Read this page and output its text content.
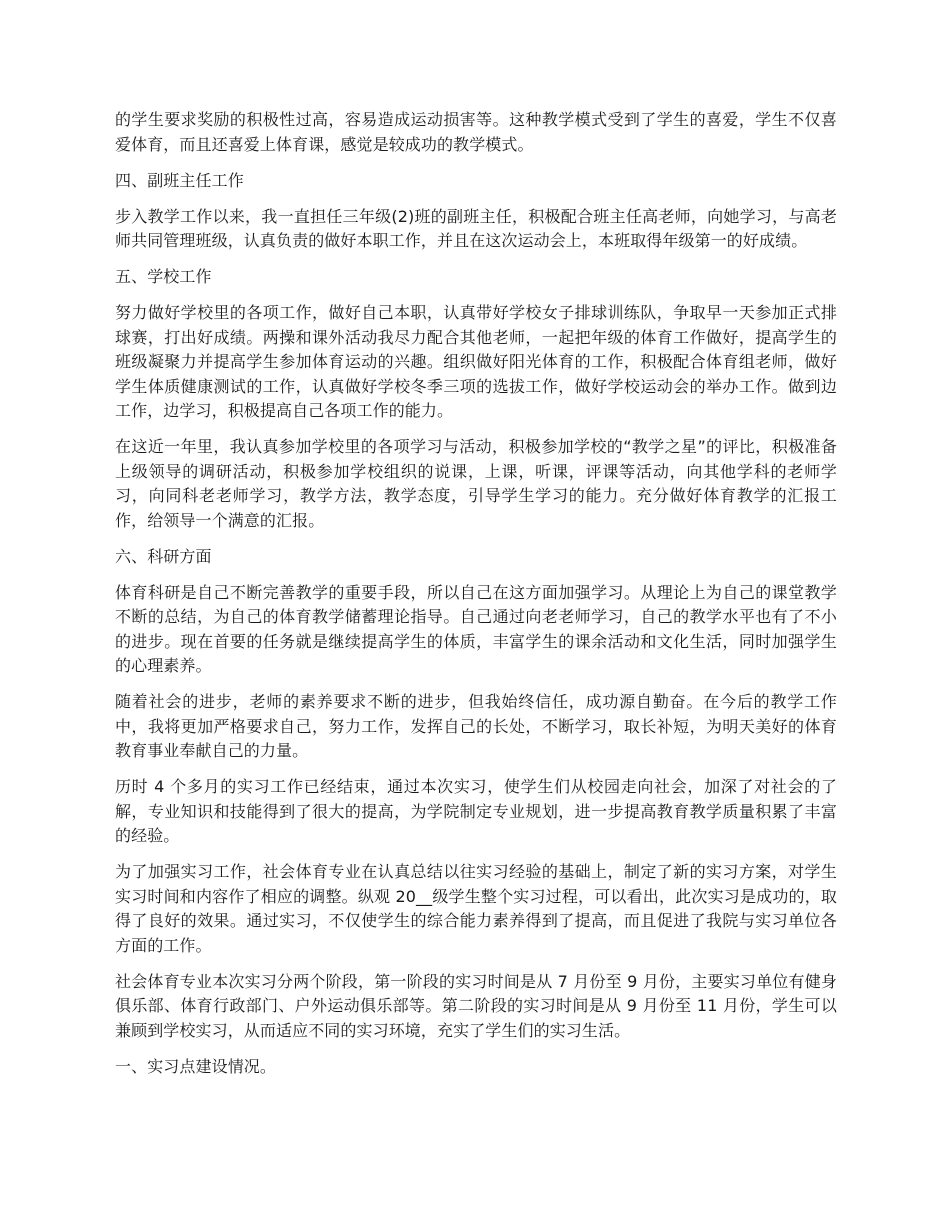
的学生要求奖励的积极性过高，容易造成运动损害等。这种教学模式受到了学生的喜爱，学生不仅喜爱体育，而且还喜爱上体育课，感觉是较成功的教学模式。

四、副班主任工作

步入教学工作以来，我一直担任三年级(2)班的副班主任，积极配合班主任高老师，向她学习，与高老师共同管理班级，认真负责的做好本职工作，并且在这次运动会上，本班取得年级第一的好成绩。

五、学校工作

努力做好学校里的各项工作，做好自己本职，认真带好学校女子排球训练队，争取早一天参加正式排球赛，打出好成绩。两操和课外活动我尽力配合其他老师，一起把年级的体育工作做好，提高学生的班级凝聚力并提高学生参加体育运动的兴趣。组织做好阳光体育的工作，积极配合体育组老师，做好学生体质健康测试的工作，认真做好学校冬季三项的选拔工作，做好学校运动会的举办工作。做到边工作，边学习，积极提高自己各项工作的能力。

在这近一年里，我认真参加学校里的各项学习与活动，积极参加学校的“教学之星”的评比，积极准备上级领导的调研活动，积极参加学校组织的说课，上课，听课，评课等活动，向其他学科的老师学习，向同科老老师学习，教学方法，教学态度，引导学生学习的能力。充分做好体育教学的汇报工作，给领导一个满意的汇报。

六、科研方面

体育科研是自己不断完善教学的重要手段，所以自己在这方面加强学习。从理论上为自己的课堂教学不断的总结，为自己的体育教学储蓄理论指导。自己通过向老老师学习，自己的教学水平也有了不小的进步。现在首要的任务就是继续提高学生的体质，丰富学生的课余活动和文化生活，同时加强学生的心理素养。

随着社会的进步，老师的素养要求不断的进步，但我始终信任，成功源自勤奋。在今后的教学工作中，我将更加严格要求自己，努力工作，发挥自己的长处，不断学习，取长补短，为明天美好的体育教育事业奉献自己的力量。

历时 4 个多月的实习工作已经结束，通过本次实习，使学生们从校园走向社会，加深了对社会的了解，专业知识和技能得到了很大的提高，为学院制定专业规划，进一步提高教育教学质量积累了丰富的经验。

为了加强实习工作，社会体育专业在认真总结以往实习经验的基础上，制定了新的实习方案，对学生实习时间和内容作了相应的调整。纵观 20__级学生整个实习过程，可以看出，此次实习是成功的，取得了良好的效果。通过实习，不仅使学生的综合能力素养得到了提高，而且促进了我院与实习单位各方面的工作。

社会体育专业本次实习分两个阶段，第一阶段的实习时间是从 7 月份至 9 月份，主要实习单位有健身俱乐部、体育行政部门、户外运动俱乐部等。第二阶段的实习时间是从 9 月份至 11 月份，学生可以兼顾到学校实习，从而适应不同的实习环境，充实了学生们的实习生活。

一、实习点建设情况。
